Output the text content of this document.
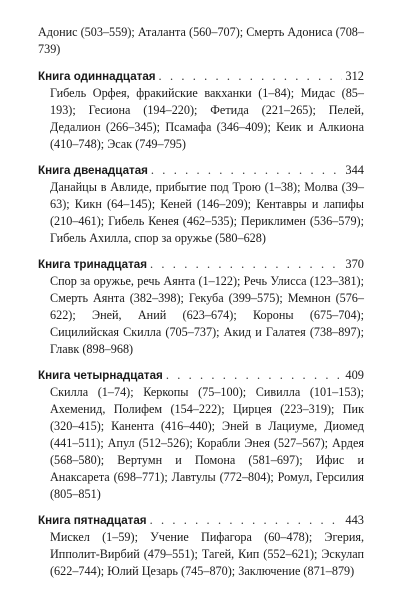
Адонис (503–559); Аталанта (560–707); Смерть Адониса (708–739)
Книга одиннадцатая . . .	312
Гибель Орфея, фракийские вакханки (1–84); Мидас (85–193); Гесиона (194–220); Фетида (221–265); Пелей, Дедалион (266–345); Псамафа (346–409); Кеик и Алкиона (410–748); Эсак (749–795)
Книга двенадцатая . . .	344
Данайцы в Авлиде, прибытие под Трою (1–38); Молва (39–63); Кикн (64–145); Кеней (146–209); Кентавры и лапифы (210–461); Гибель Кенея (462–535); Периклимен (536–579); Гибель Ахилла, спор за оружье (580–628)
Книга тринадцатая . . .	370
Спор за оружье, речь Аянта (1–122); Речь Улисса (123–381); Смерть Аянта (382–398); Гекуба (399–575); Мемнон (576–622); Эней, Аний (623–674); Короны (675–704); Сицилийская Скилла (705–737); Акид и Галатея (738–897); Главк (898–968)
Книга четырнадцатая . . .	409
Скилла (1–74); Керкопы (75–100); Сивилла (101–153); Ахеменид, Полифем (154–222); Цирцея (223–319); Пик (320–415); Канента (416–440); Эней в Лациуме, Диомед (441–511); Апул (512–526); Корабли Энея (527–567); Ардея (568–580); Вертумн и Помона (581–697); Ифис и Анаксарета (698–771); Лавтулы (772–804); Ромул, Герсилия (805–851)
Книга пятнадцатая . . .	443
Мискел (1–59); Учение Пифагора (60–478); Эгерия, Ипполит-Вирбий (479–551); Тагей, Кип (552–621); Эскулап (622–744); Юлий Цезарь (745–870); Заключение (871–879)
